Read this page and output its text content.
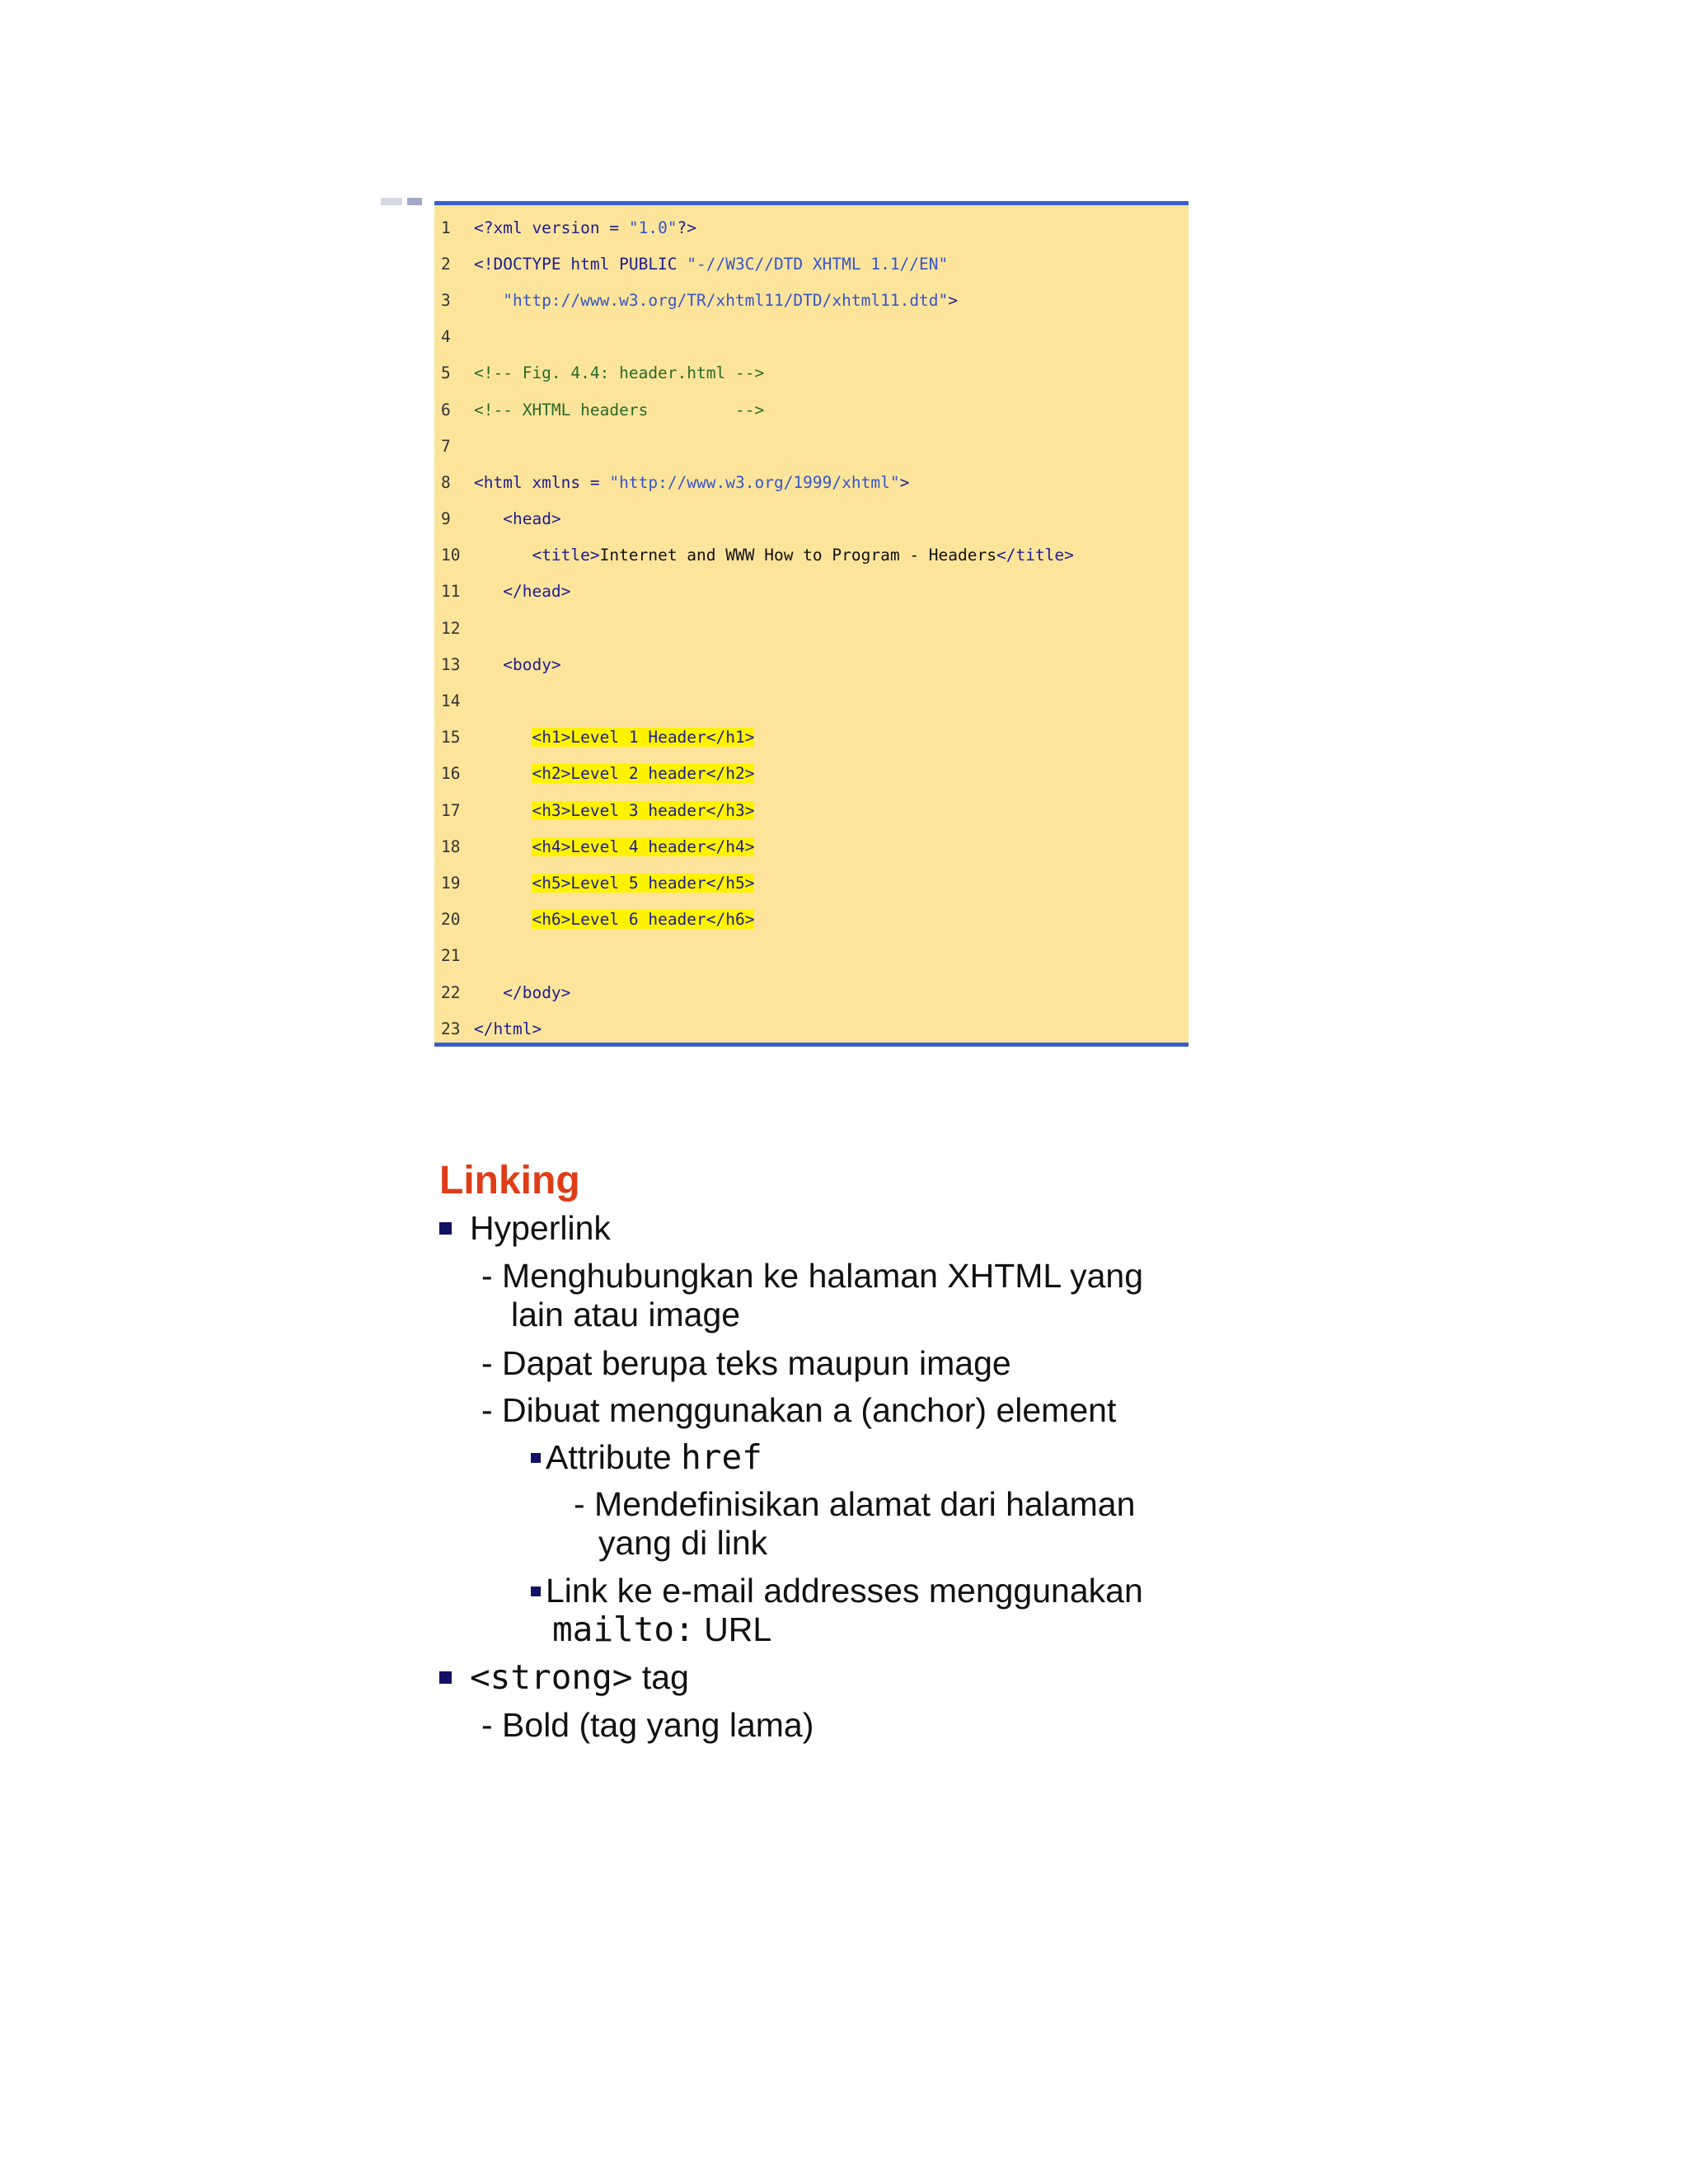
1	<?xml version = "1.0"?>
2	<!DOCTYPE html PUBLIC "-//W3C//DTD XHTML 1.1//EN"
3	"http://www.w3.org/TR/xhtml11/DTD/xhtml11.dtd">
4
5	<!-- Fig. 4.4: header.html -->
6	<!-- XHTML headers         -->
7
8	<html xmlns = "http://www.w3.org/1999/xhtml">
9	<head>
10	<title>Internet and WWW How to Program - Headers</title>
11	</head>
12
13	<body>
14
15	<h1>Level 1 Header</h1>
16	<h2>Level 2 header</h2>
17	<h3>Level 3 header</h3>
18	<h4>Level 4 header</h4>
19	<h5>Level 5 header</h5>
20	<h6>Level 6 header</h6>
21
22	</body>
23 </html>
Linking
Hyperlink
- Menghubungkan ke halaman XHTML yang
lain atau image
- Dapat berupa teks maupun image
- Dibuat menggunakan a (anchor) element
Attribute href
- Mendefinisikan alamat dari halaman
yang di link
Link ke e-mail addresses menggunakan
mailto: URL
<strong> tag
- Bold (tag yang lama)
